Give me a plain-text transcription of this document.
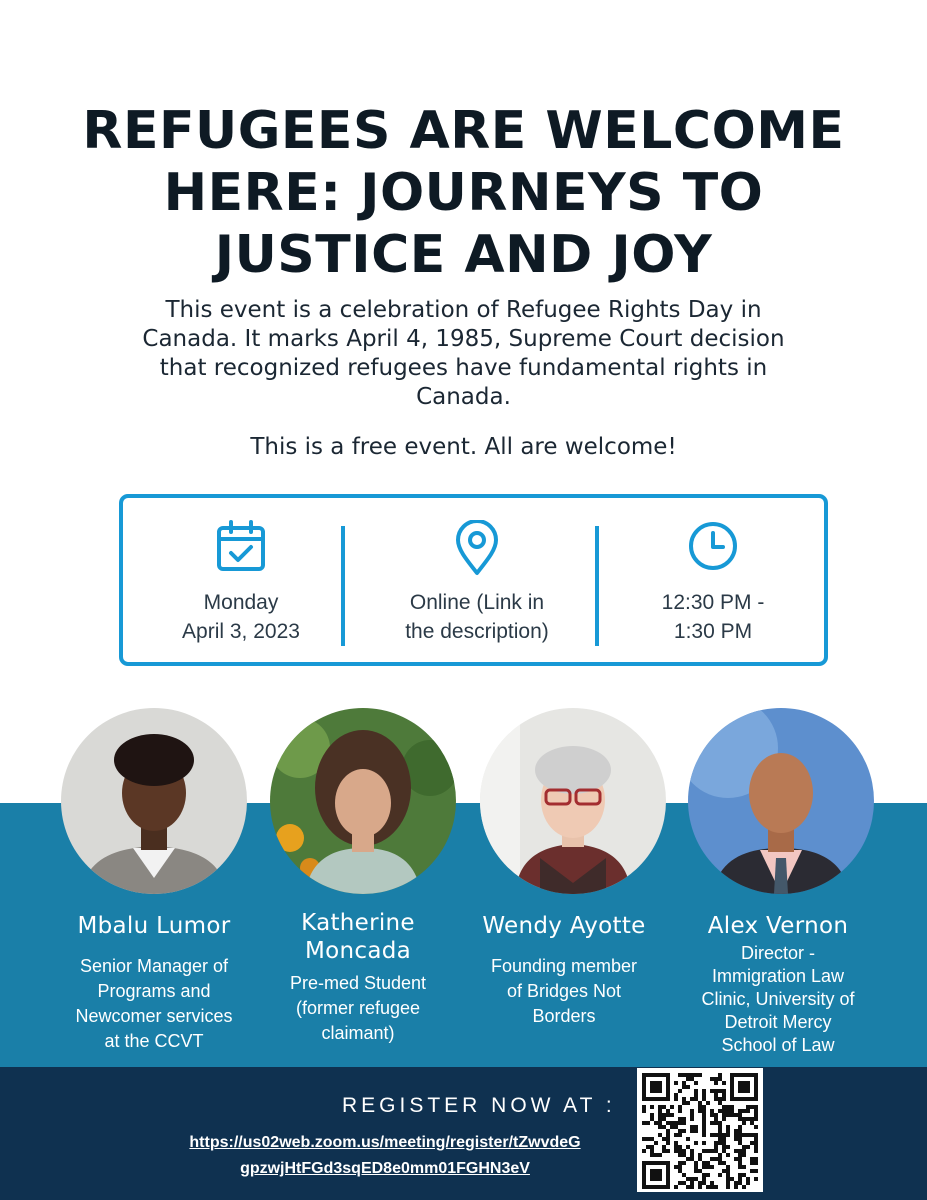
REFUGEES ARE WELCOME
HERE: JOURNEYS TO
JUSTICE AND JOY
This event is a celebration of Refugee Rights Day in
Canada. It marks April 4, 1985, Supreme Court decision
that recognized refugees have fundamental rights in
Canada.
This is a free event. All are welcome!
Monday
April 3, 2023
Online (Link in
the description)
12:30 PM -
1:30 PM
Mbalu Lumor
Senior Manager of
Programs and
Newcomer services
at the CCVT
Katherine
Moncada
Pre-med Student
(former refugee
claimant)
Wendy Ayotte
Founding member
of Bridges Not
Borders
Alex Vernon
Director -
Immigration Law
Clinic, University of
Detroit Mercy
School of Law
REGISTER NOW AT :
https://us02web.zoom.us/meeting/register/tZwvdeG
gpzwjHtFGd3sqED8e0mm01FGHN3eV
